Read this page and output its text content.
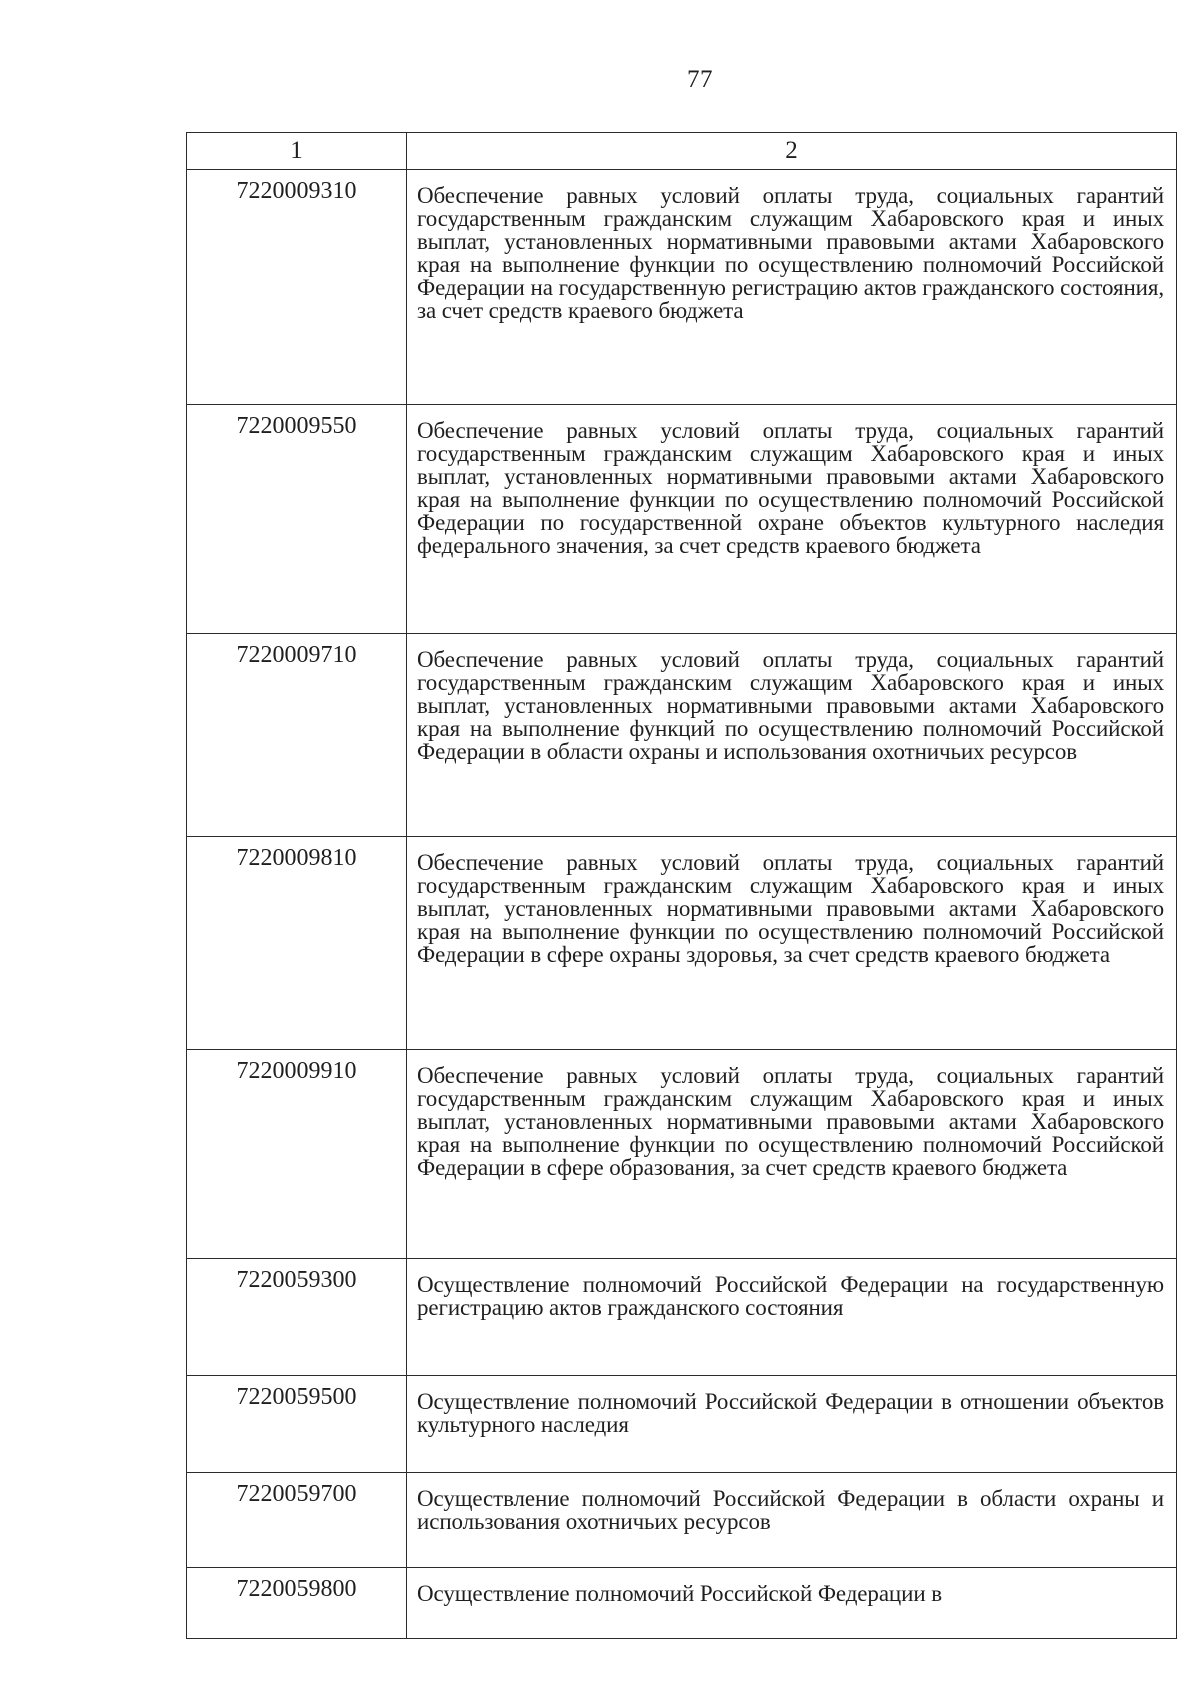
77
1	2
7220009310	Обеспечение равных условий оплаты труда, социальных гарантий государственным гражданским служащим Хабаровского края и иных выплат, установленных нормативными правовыми актами Хабаровского края на выполнение функции по осуществлению полномочий Российской Федерации на государственную регистрацию актов гражданского состояния, за счет средств краевого бюджета
7220009550	Обеспечение равных условий оплаты труда, социальных гарантий государственным гражданским служащим Хабаровского края и иных выплат, установленных нормативными правовыми актами Хабаровского края на выполнение функции по осуществлению полномочий Российской Федерации по государственной охране объектов культурного наследия федерального значения, за счет средств краевого бюджета
7220009710	Обеспечение равных условий оплаты труда, социальных гарантий государственным гражданским служащим Хабаровского края и иных выплат, установленных нормативными правовыми актами Хабаровского края на выполнение функций по осуществлению полномочий Российской Федерации в области охраны и использования охотничьих ресурсов
7220009810	Обеспечение равных условий оплаты труда, социальных гарантий государственным гражданским служащим Хабаровского края и иных выплат, установленных нормативными правовыми актами Хабаровского края на выполнение функции по осуществлению полномочий Российской Федерации в сфере охраны здоровья, за счет средств краевого бюджета
7220009910	Обеспечение равных условий оплаты труда, социальных гарантий государственным гражданским служащим Хабаровского края и иных выплат, установленных нормативными правовыми актами Хабаровского края на выполнение функции по осуществлению полномочий Российской Федерации в сфере образования, за счет средств краевого бюджета
7220059300	Осуществление полномочий Российской Федерации на государственную регистрацию актов гражданского состояния
7220059500	Осуществление полномочий Российской Федерации в отношении объектов культурного наследия
7220059700	Осуществление полномочий Российской Федерации в области охраны и использования охотничьих ресурсов
7220059800	Осуществление полномочий Российской Федерации в
